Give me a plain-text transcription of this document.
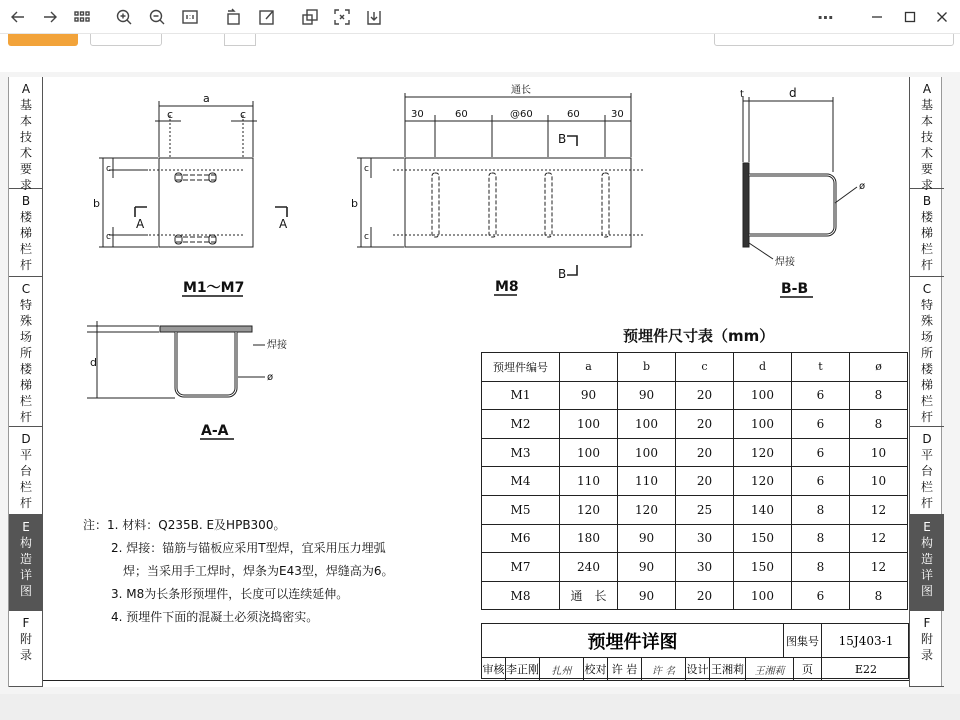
⋯
A
基
本
技
术
要
求
B
楼
梯
栏
杆
C
特
殊
场
所
楼
梯
栏
杆
D
平
台
栏
杆
E
构
造
详
图
F
附
录
A
基
本
技
术
要
求
B
楼
梯
栏
杆
C
特
殊
场
所
楼
梯
栏
杆
D
平
台
栏
杆
E
构
造
详
图
F
附
录
a
c	c
b
c
c
A	A
通长
30	60	@60	60	30
b
c
c
B
B
t	d
ø
焊接
d
焊接
ø
M1～M7	M8	B-B
A-A
注：1. 材料：Q235B. E及HPB300。
2. 焊接：锚筋与锚板应采用T型焊，宜采用压力埋弧
焊；当采用手工焊时，焊条为E43型，焊缝高为6。
3. M8为长条形预埋件，长度可以连续延伸。
4. 预埋件下面的混凝土必须浇捣密实。
预埋件尺寸表（mm）
预埋件编号	a	b	c	d	t	ø
M1	90	90	20	100	6	8
M2	100	100	20	100	6	8
M3	100	100	20	120	6	10
M4	110	110	20	120	6	10
M5	120	120	25	140	8	12
M6	180	90	30	150	8	12
M7	240	90	30	150	8	12
M8	通　长	90	20	100	6	8
预埋件详图	图集号	15J403-1
审核 李正刚	扎州	校对 许 岩	许 名	设计 王湘莉	王湘莉	页	E22
